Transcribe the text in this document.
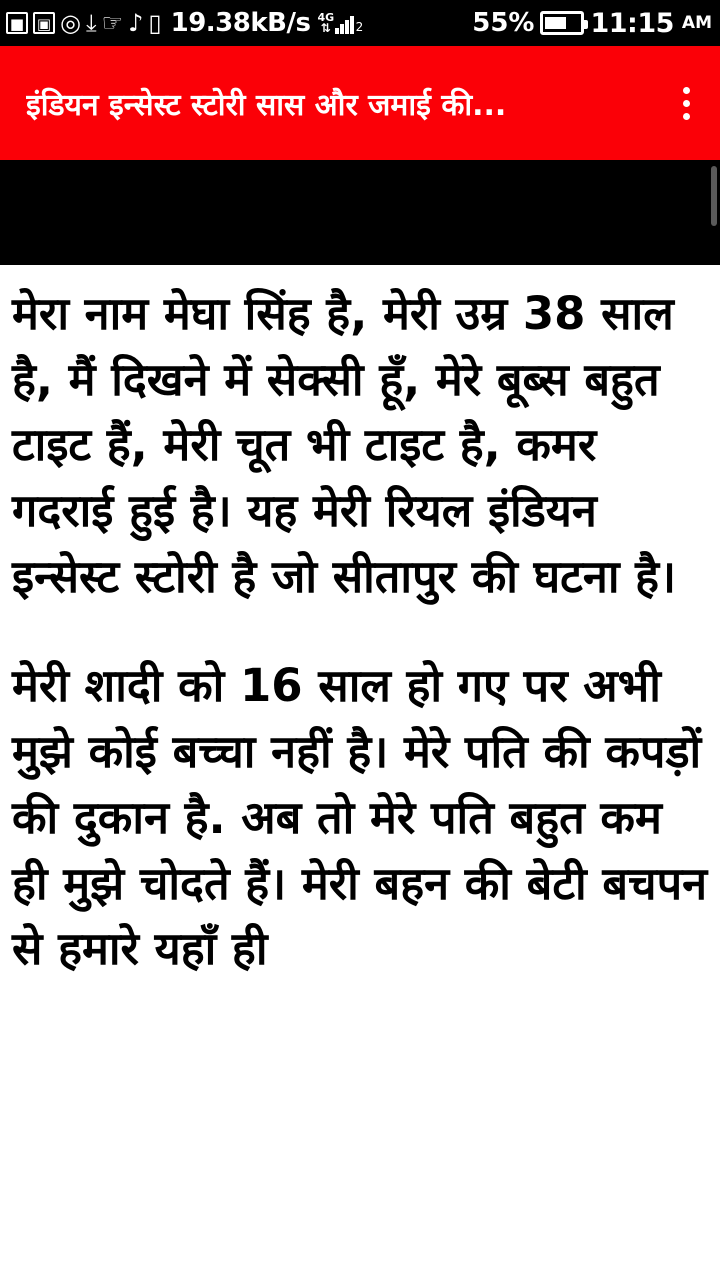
■ ▣ ◎ ⤓ ☞ ♪ ▯ 19.38kB/s 4G
⇅ 2	55% 11:15 AM
इंडियन इन्सेस्ट स्टोरी सास और जमाई की...

मेरा नाम मेघा सिंह है, मेरी उम्र 38 साल है, मैं दिखने में सेक्सी हूँ, मेरे बूब्स बहुत टाइट हैं, मेरी चूत भी टाइट है, कमर गदराई हुई है। यह मेरी रियल इंडियन इन्सेस्ट स्टोरी है जो सीतापुर की घटना है।

मेरी शादी को 16 साल हो गए पर अभी मुझे कोई बच्चा नहीं है। मेरे पति की कपड़ों की दुकान है. अब तो मेरे पति बहुत कम ही मुझे चोदते हैं। मेरी बहन की बेटी बचपन से हमारे यहाँ ही
